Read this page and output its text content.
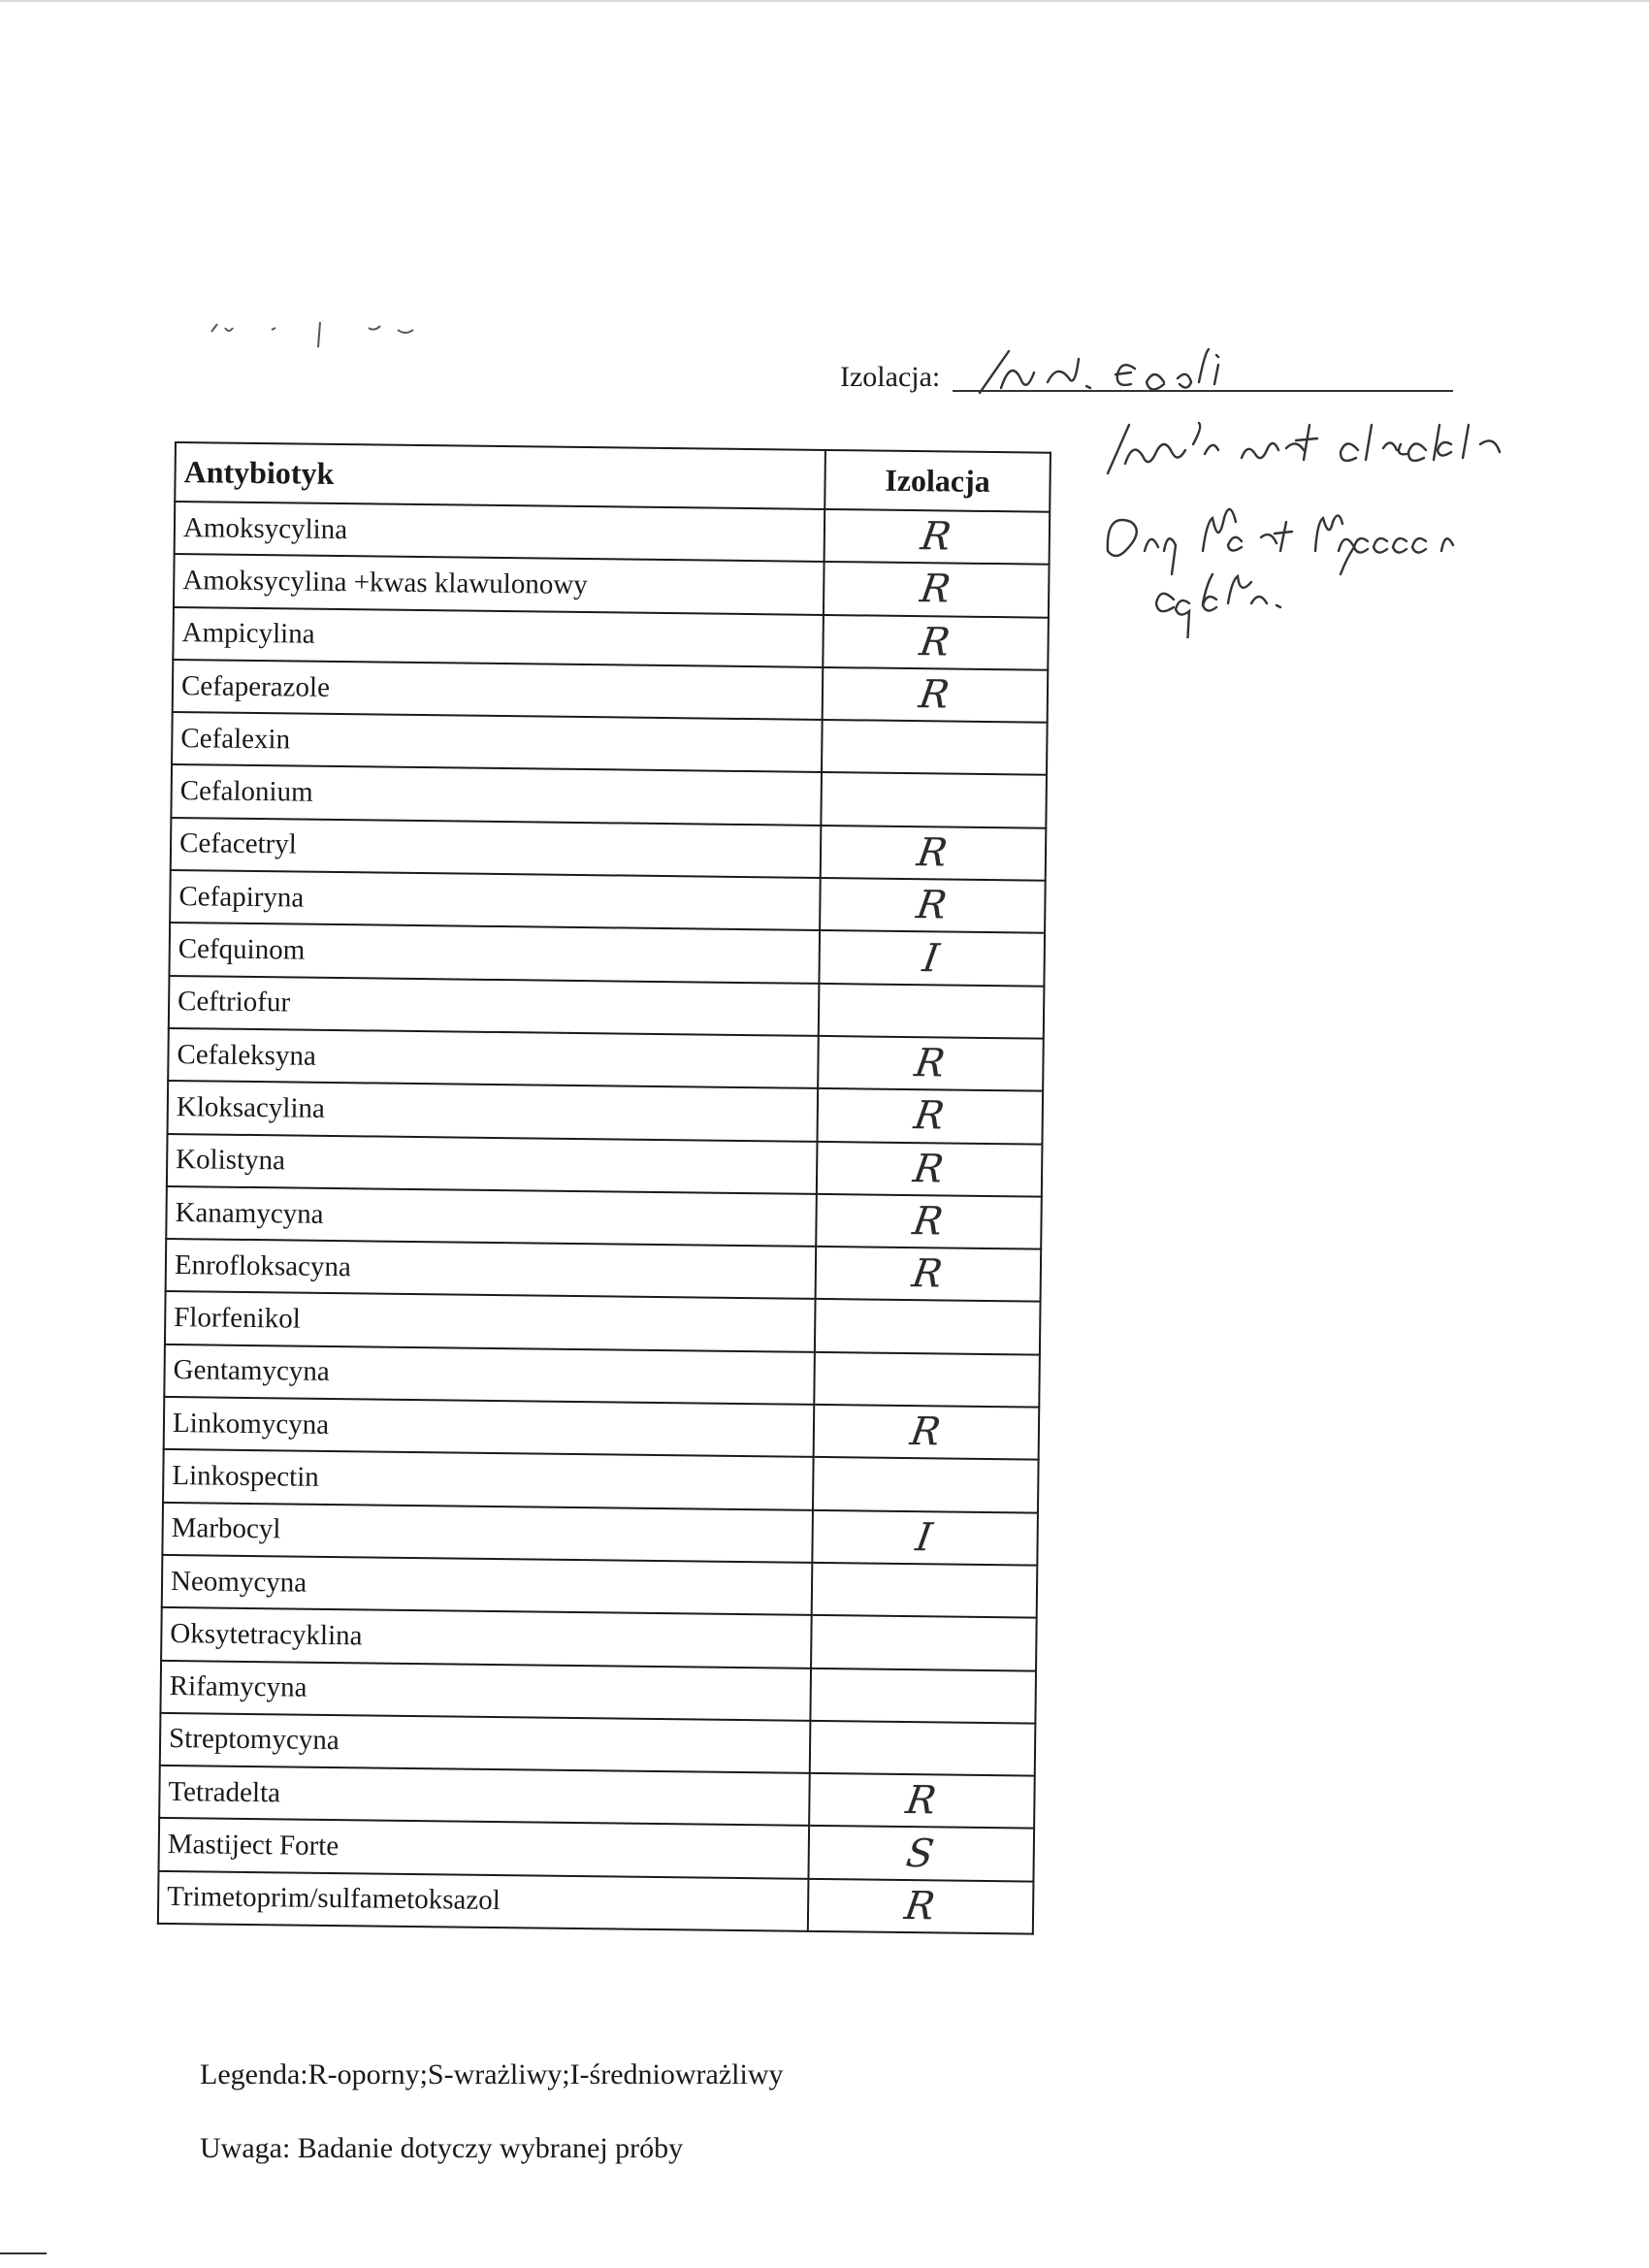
Izolacja:
Antybiotyk	Izolacja
Amoksycylina	R
Amoksycylina +kwas klawulonowy	R
Ampicylina	R
Cefaperazole	R
Cefalexin	
Cefalonium	
Cefacetryl	R
Cefapiryna	R
Cefquinom	I
Ceftriofur	
Cefaleksyna	R
Kloksacylina	R
Kolistyna	R
Kanamycyna	R
Enrofloksacyna	R
Florfenikol	
Gentamycyna	
Linkomycyna	R
Linkospectin	
Marbocyl	I
Neomycyna	
Oksytetracyklina	
Rifamycyna	
Streptomycyna	
Tetradelta	R
Mastiject Forte	S
Trimetoprim/sulfametoksazol	R
Legenda:R-oporny;S-wrażliwy;I-średniowrażliwy
Uwaga: Badanie dotyczy wybranej próby
